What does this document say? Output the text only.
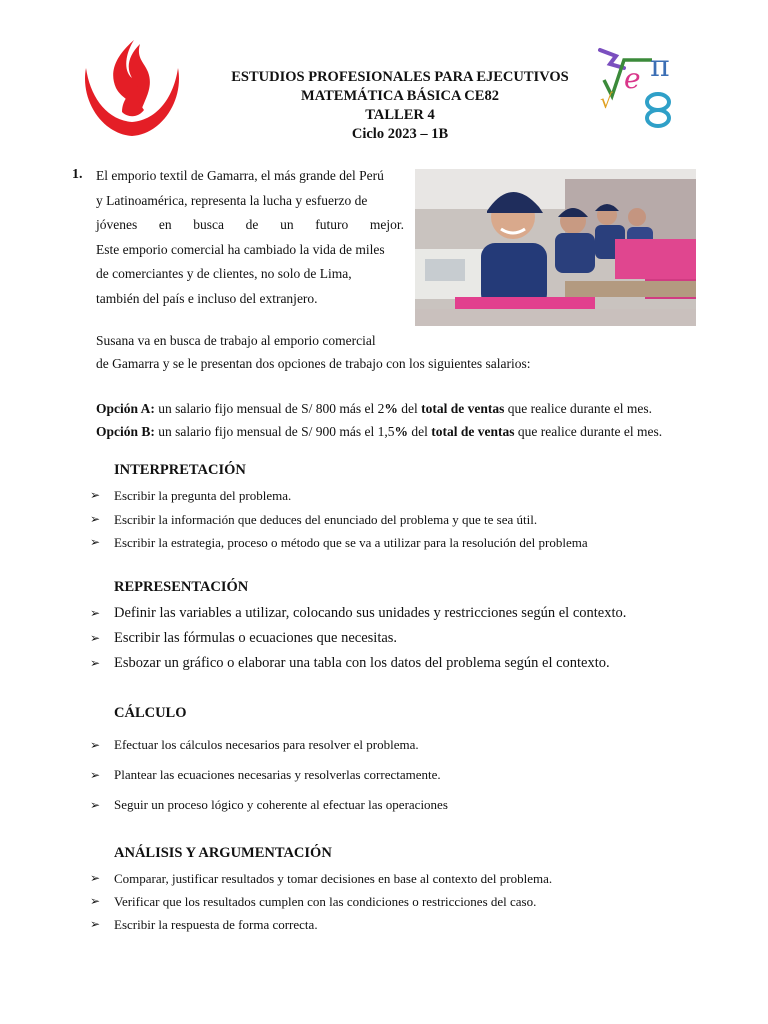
ESTUDIOS PROFESIONALES PARA EJECUTIVOS
MATEMÁTICA BÁSICA CE82
TALLER 4
Ciclo 2023 – 1B
e π
√
1. El emporio textil de Gamarra, el más grande del Perú

y Latinoamérica, representa la lucha y esfuerzo de

jóvenes en busca de un futuro mejor.

Este emporio comercial ha cambiado la vida de miles

de comerciantes y de clientes, no solo de Lima,

también del país e incluso del extranjero.

Susana va en busca de trabajo al emporio comercial

de Gamarra y se le presentan dos opciones de trabajo con los siguientes salarios:

Opción A: un salario fijo mensual de S/ 800 más el 2% del total de ventas que realice durante el mes.

Opción B: un salario fijo mensual de S/ 900 más el 1,5% del total de ventas que realice durante el mes.

INTERPRETACIÓN
➢ Escribir la pregunta del problema.
➢ Escribir la información que deduces del enunciado del problema y que te sea útil.
➢ Escribir la estrategia, proceso o método que se va a utilizar para la resolución del problema
REPRESENTACIÓN
➢ Definir las variables a utilizar, colocando sus unidades y restricciones según el contexto.
➢ Escribir las fórmulas o ecuaciones que necesitas.
➢ Esbozar un gráfico o elaborar una tabla con los datos del problema según el contexto.
CÁLCULO
➢ Efectuar los cálculos necesarios para resolver el problema.
➢ Plantear las ecuaciones necesarias y resolverlas correctamente.
➢ Seguir un proceso lógico y coherente al efectuar las operaciones
ANÁLISIS Y ARGUMENTACIÓN
➢ Comparar, justificar resultados y tomar decisiones en base al contexto del problema.
➢ Verificar que los resultados cumplen con las condiciones o restricciones del caso.
➢ Escribir la respuesta de forma correcta.
